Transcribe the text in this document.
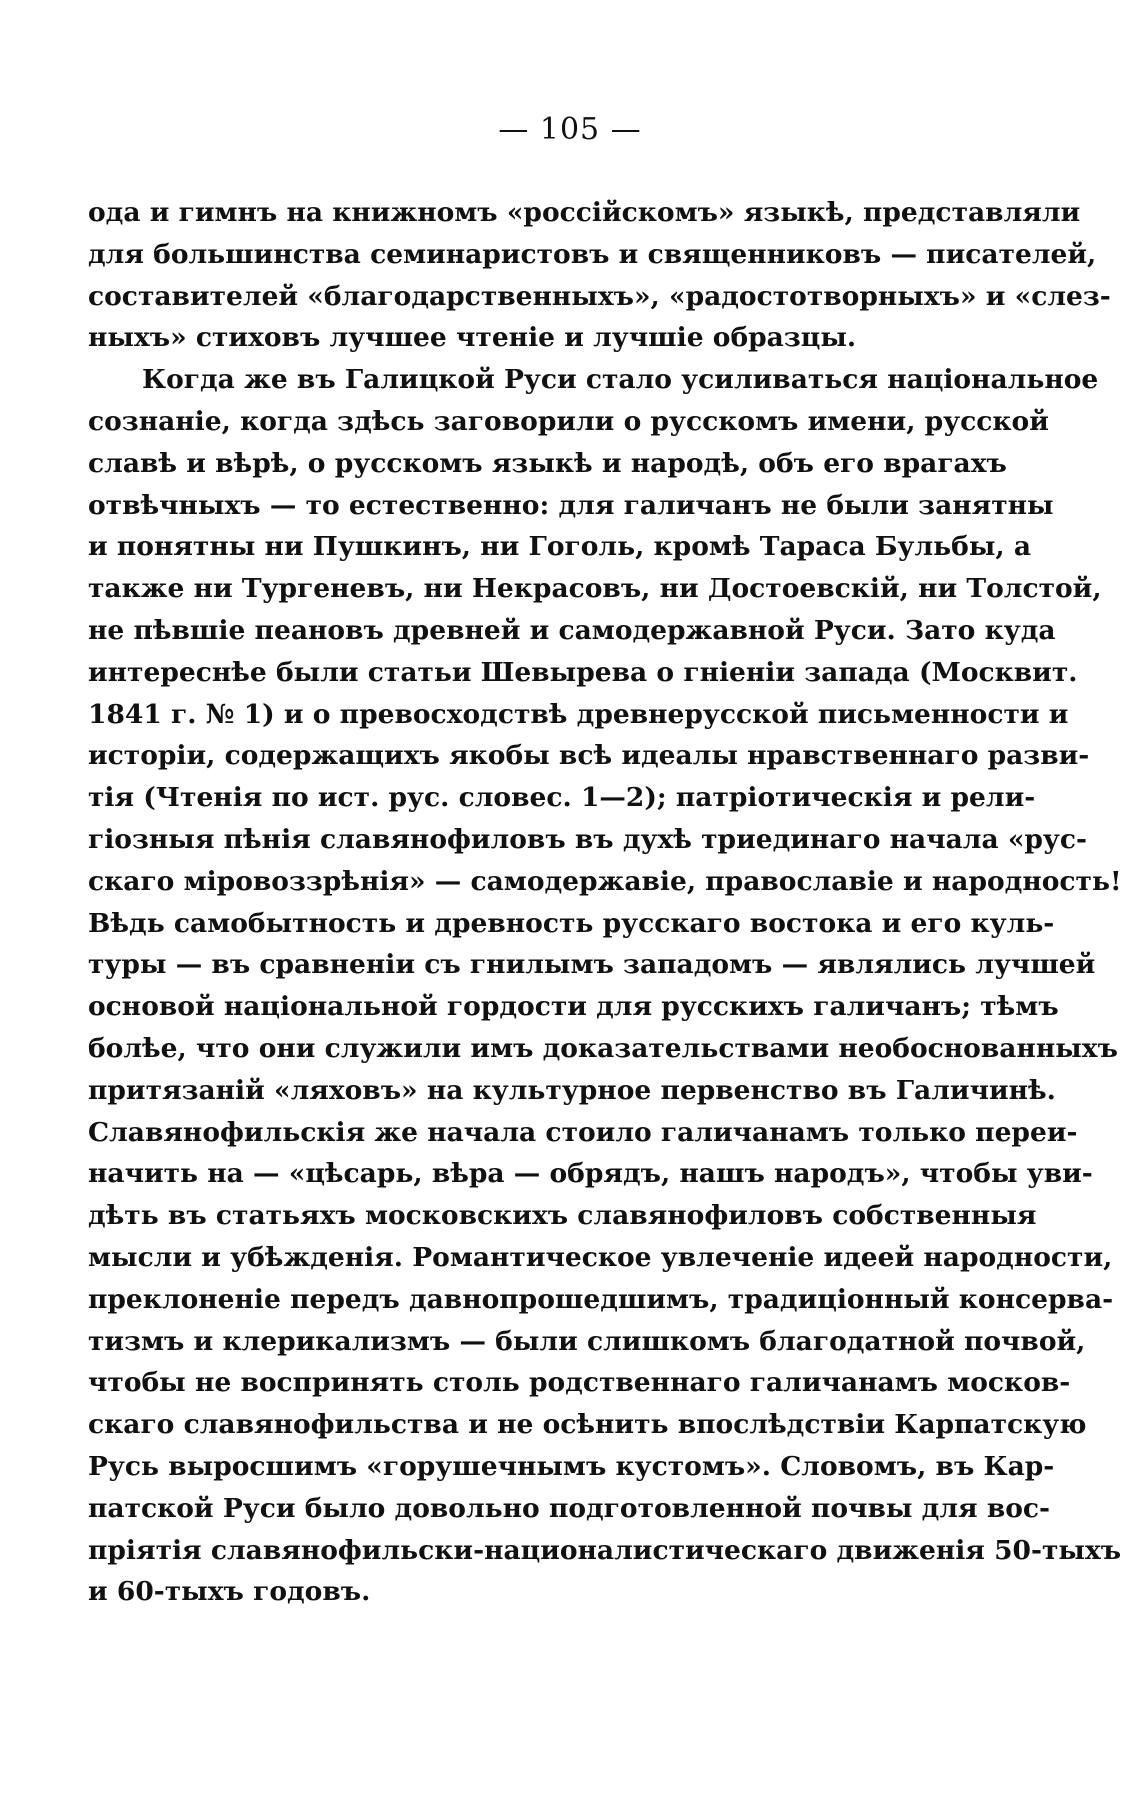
— 105 —
ода и гимнъ на книжномъ «россійскомъ» языкѣ, представляли
для большинства семинаристовъ и священниковъ — писателей,
составителей «благодарственныхъ», «радостотворныхъ» и «слез-
ныхъ» стиховъ лучшее чтеніе и лучшіе образцы.
Когда же въ Галицкой Руси стало усиливаться національное
сознаніе, когда здѣсь заговорили о русскомъ имени, русской
славѣ и вѣрѣ, о русскомъ языкѣ и народѣ, объ его врагахъ
отвѣчныхъ — то естественно: для галичанъ не были занятны
и понятны ни Пушкинъ, ни Гоголь, кромѣ Тараса Бульбы, а
также ни Тургеневъ, ни Некрасовъ, ни Достоевскій, ни Толстой,
не пѣвшіе пеановъ древней и самодержавной Руси. Зато куда
интереснѣе были статьи Шевырева о гніеніи запада (Москвит.
1841 г. № 1) и о превосходствѣ древнерусской письменности и
исторіи, содержащихъ якобы всѣ идеалы нравственнаго разви-
тія (Чтенія по ист. рус. словес. 1—2); патріотическія и рели-
гіозныя пѣнія славянофиловъ въ духѣ триединаго начала «рус-
скаго міровоззрѣнія» — самодержавіе, православіе и народность!
Вѣдь самобытность и древность русскаго востока и его куль-
туры — въ сравненіи съ гнилымъ западомъ — являлись лучшей
основой національной гордости для русскихъ галичанъ; тѣмъ
болѣе, что они служили имъ доказательствами необоснованныхъ
притязаній «ляховъ» на культурное первенство въ Галичинѣ.
Славянофильскія же начала стоило галичанамъ только переи-
начить на — «цѣсарь, вѣра — обрядъ, нашъ народъ», чтобы уви-
дѣть въ статьяхъ московскихъ славянофиловъ собственныя
мысли и убѣжденія. Романтическое увлеченіе идеей народности,
преклоненіе передъ давнопрошедшимъ, традиціонный консерва-
тизмъ и клерикализмъ — были слишкомъ благодатной почвой,
чтобы не воспринять столь родственнаго галичанамъ москов-
скаго славянофильства и не осѣнить впослѣдствіи Карпатскую
Русь выросшимъ «горушечнымъ кустомъ». Словомъ, въ Кар-
патской Руси было довольно подготовленной почвы для вос-
пріятія славянофильски-националистическаго движенія 50-тыхъ
и 60-тыхъ годовъ.
